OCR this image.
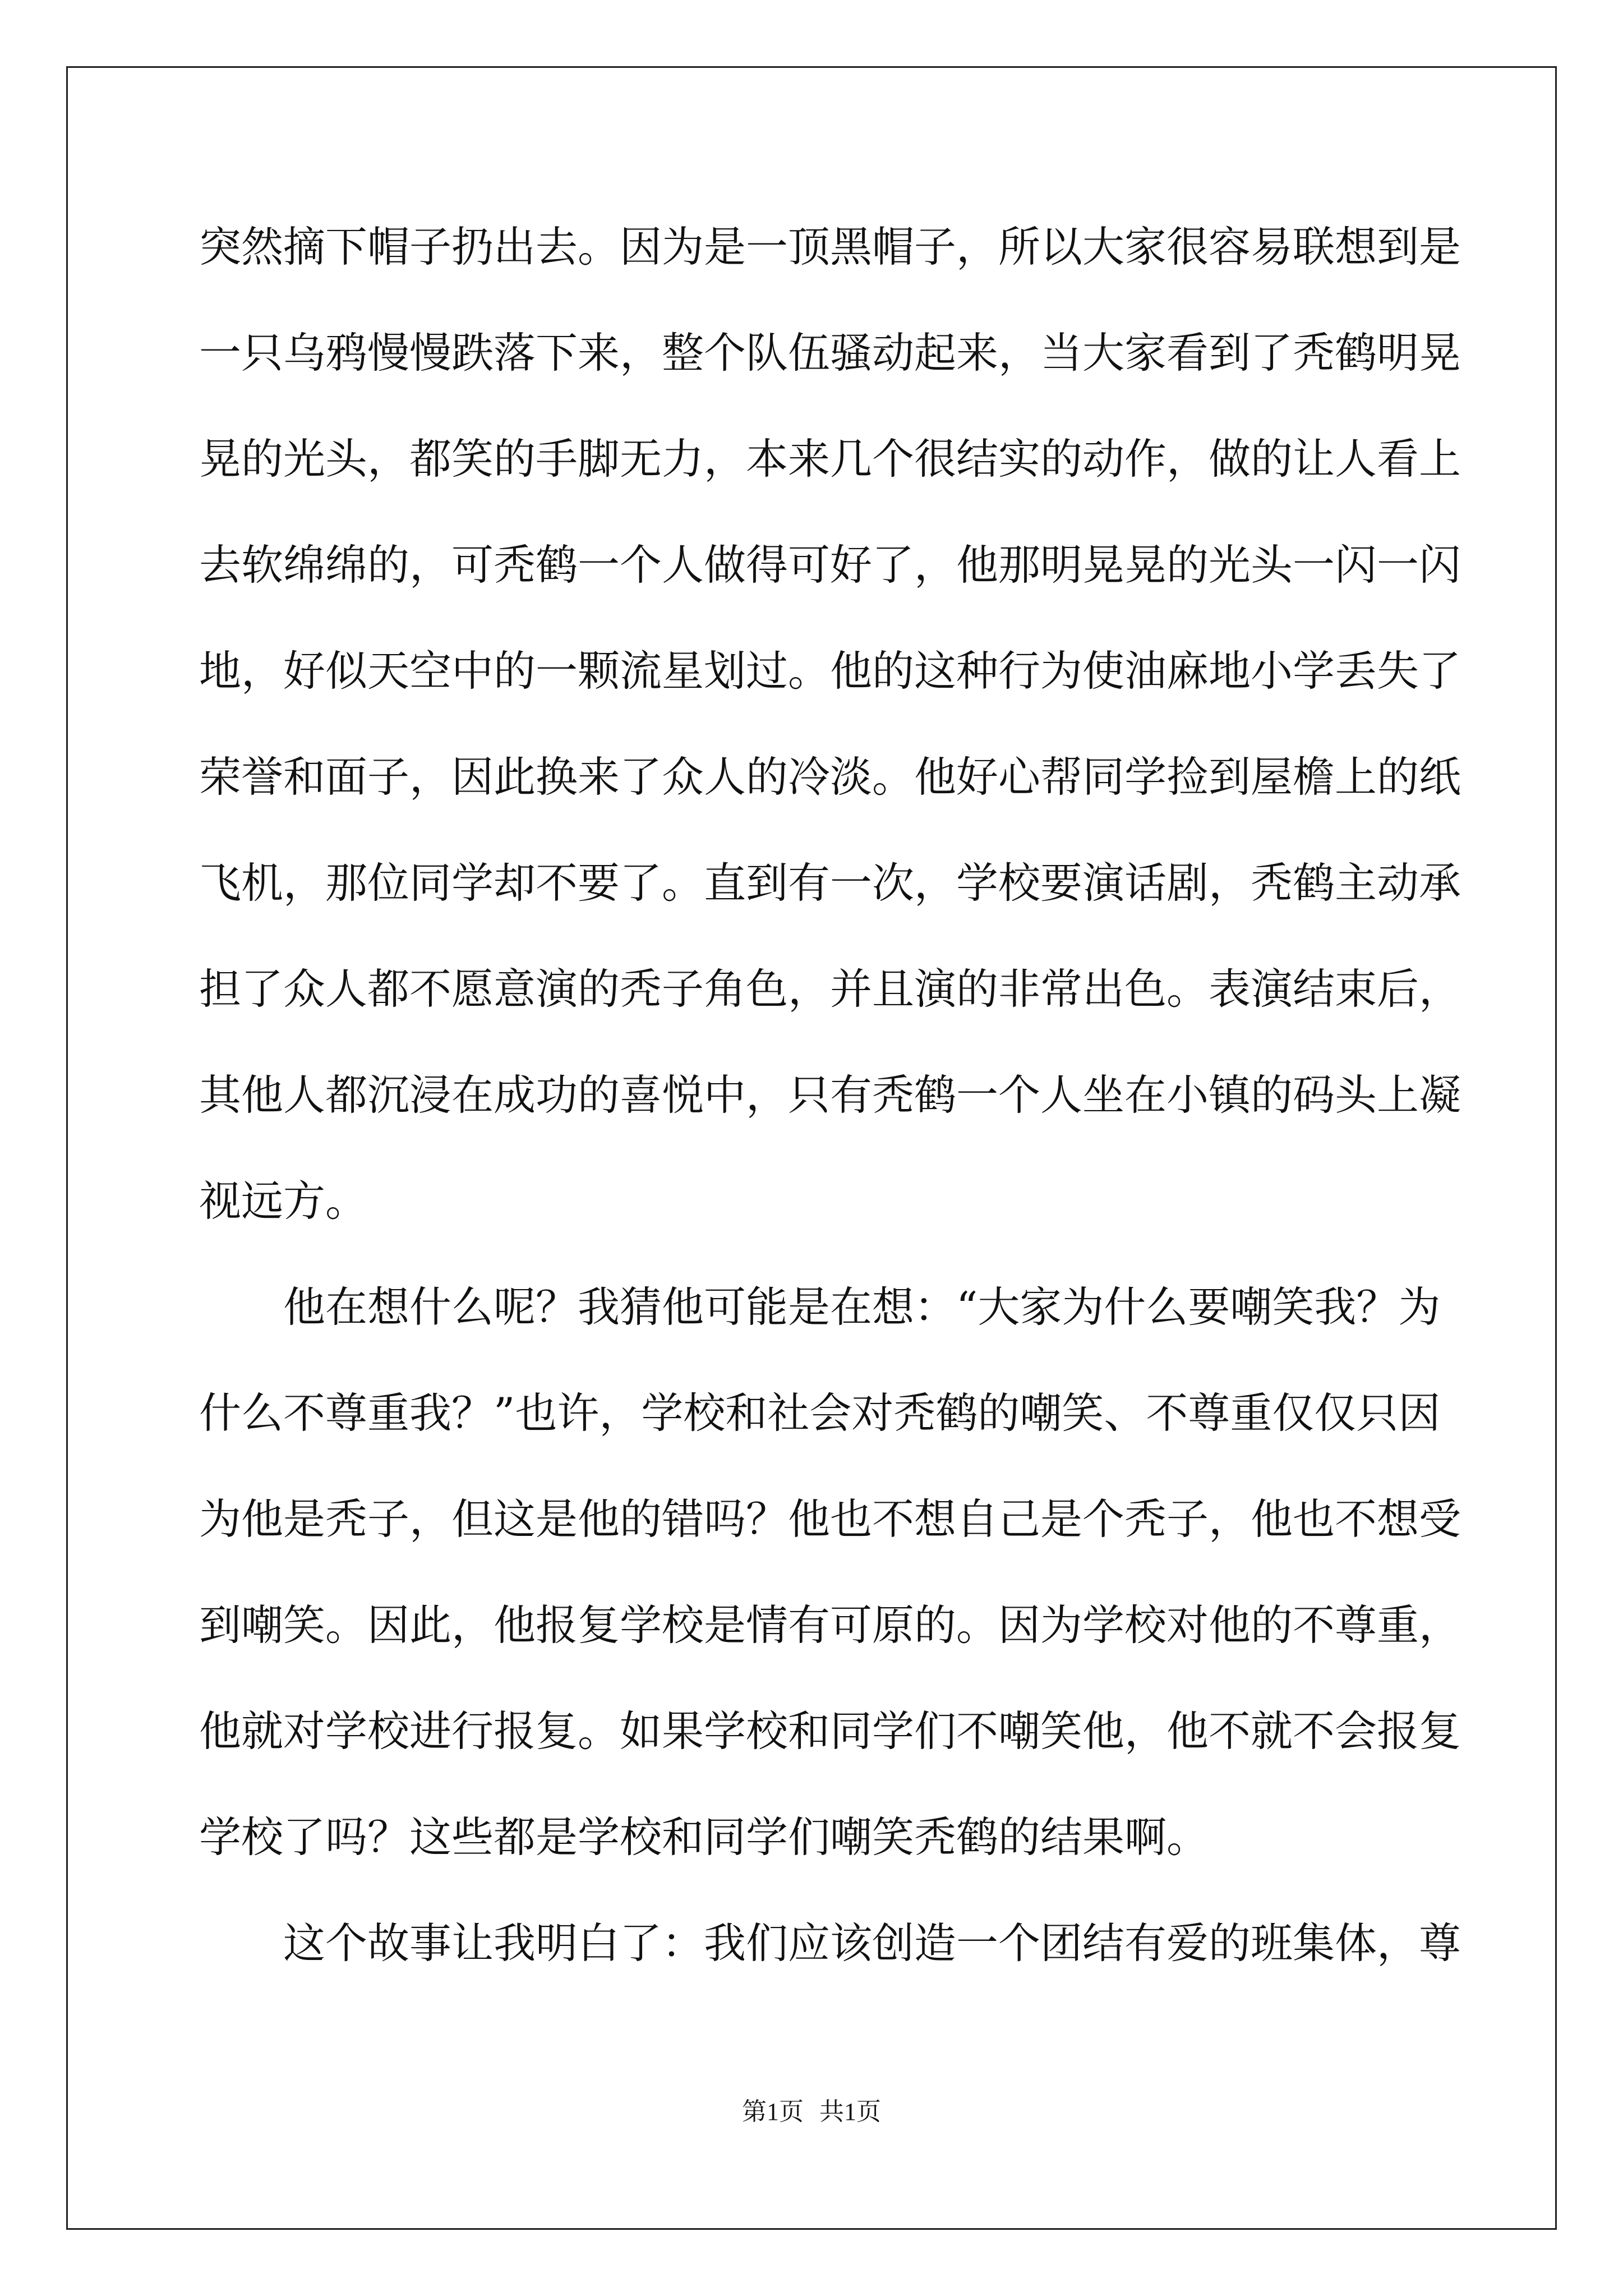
突然摘下帽子扔出去。因为是一顶黑帽子，所以大家很容易联想到是
一只乌鸦慢慢跌落下来，整个队伍骚动起来，当大家看到了秃鹤明晃
晃的光头，都笑的手脚无力，本来几个很结实的动作，做的让人看上
去软绵绵的，可秃鹤一个人做得可好了，他那明晃晃的光头一闪一闪
地，好似天空中的一颗流星划过。他的这种行为使油麻地小学丢失了
荣誉和面子，因此换来了众人的冷淡。他好心帮同学捡到屋檐上的纸
飞机，那位同学却不要了。直到有一次，学校要演话剧，秃鹤主动承
担了众人都不愿意演的秃子角色，并且演的非常出色。表演结束后，
其他人都沉浸在成功的喜悦中，只有秃鹤一个人坐在小镇的码头上凝
视远方。
他在想什么呢？我猜他可能是在想：“大家为什么要嘲笑我？为
什么不尊重我？”也许，学校和社会对秃鹤的嘲笑、不尊重仅仅只因
为他是秃子，但这是他的错吗？他也不想自己是个秃子，他也不想受
到嘲笑。因此，他报复学校是情有可原的。因为学校对他的不尊重，
他就对学校进行报复。如果学校和同学们不嘲笑他，他不就不会报复
学校了吗？这些都是学校和同学们嘲笑秃鹤的结果啊。
这个故事让我明白了：我们应该创造一个团结有爱的班集体，尊
第1页 共1页
